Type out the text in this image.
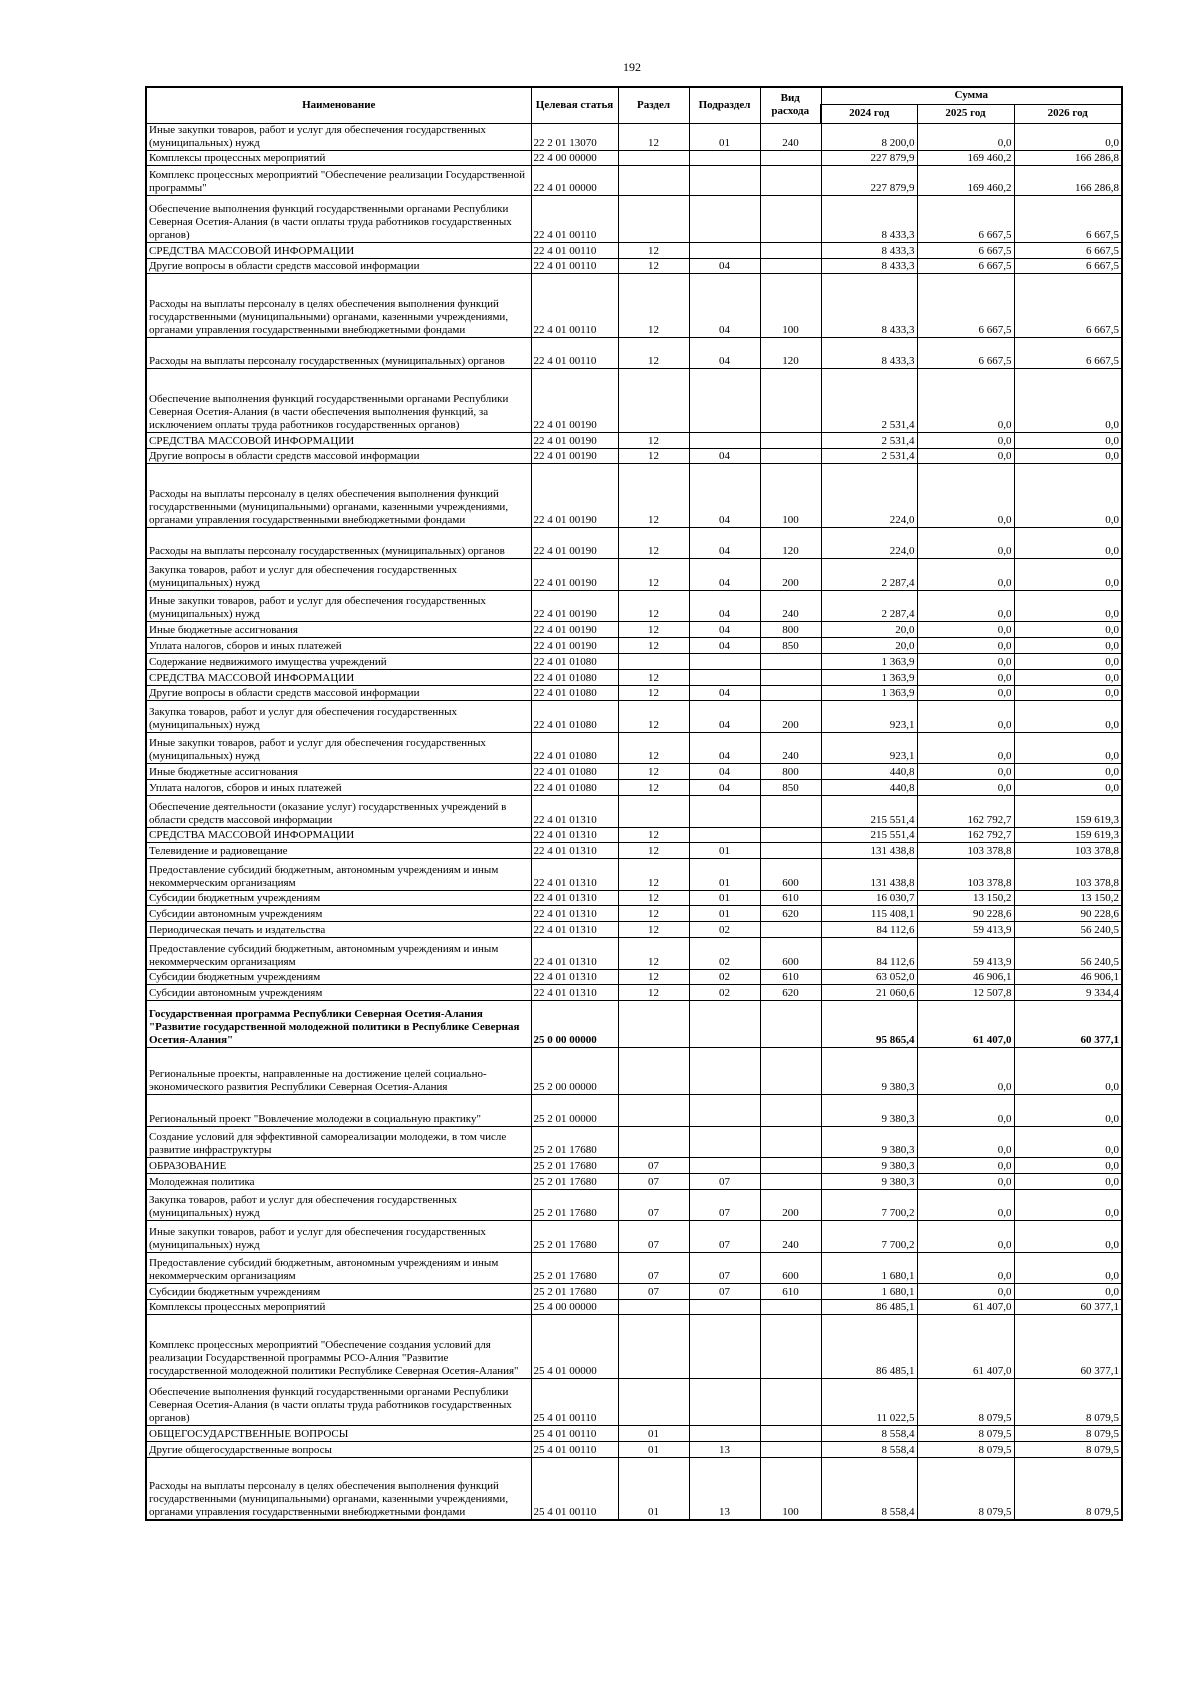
192
Наименование	Целевая статья	Раздел	Подраздел	Вид расхода	Сумма		
					2024 год	2025 год	2026 год
Иные закупки товаров, работ и услуг для обеспечения государственных (муниципальных) нужд	22 2 01 13070	12	01	240	8 200,0	0,0	0,0
Комплексы процессных мероприятий	22 4 00 00000				227 879,9	169 460,2	166 286,8
Комплекс процессных мероприятий "Обеспечение реализации Государственной программы"	22 4 01 00000				227 879,9	169 460,2	166 286,8
Обеспечение выполнения функций государственными органами Республики Северная Осетия-Алания (в части оплаты труда работников государственных органов)	22 4 01 00110				8 433,3	6 667,5	6 667,5
СРЕДСТВА МАССОВОЙ ИНФОРМАЦИИ	22 4 01 00110	12			8 433,3	6 667,5	6 667,5
Другие вопросы в области средств массовой информации	22 4 01 00110	12	04		8 433,3	6 667,5	6 667,5
Расходы на выплаты персоналу в целях обеспечения выполнения функций государственными (муниципальными) органами, казенными учреждениями, органами управления государственными внебюджетными фондами	22 4 01 00110	12	04	100	8 433,3	6 667,5	6 667,5
Расходы на выплаты персоналу государственных (муниципальных) органов	22 4 01 00110	12	04	120	8 433,3	6 667,5	6 667,5
Обеспечение выполнения функций государственными органами Республики Северная Осетия-Алания (в части обеспечения выполнения функций, за исключением оплаты труда работников государственных органов)	22 4 01 00190				2 531,4	0,0	0,0
СРЕДСТВА МАССОВОЙ ИНФОРМАЦИИ	22 4 01 00190	12			2 531,4	0,0	0,0
Другие вопросы в области средств массовой информации	22 4 01 00190	12	04		2 531,4	0,0	0,0
Расходы на выплаты персоналу в целях обеспечения выполнения функций государственными (муниципальными) органами, казенными учреждениями, органами управления государственными внебюджетными фондами	22 4 01 00190	12	04	100	224,0	0,0	0,0
Расходы на выплаты персоналу государственных (муниципальных) органов	22 4 01 00190	12	04	120	224,0	0,0	0,0
Закупка товаров, работ и услуг для обеспечения государственных (муниципальных) нужд	22 4 01 00190	12	04	200	2 287,4	0,0	0,0
Иные закупки товаров, работ и услуг для обеспечения государственных (муниципальных) нужд	22 4 01 00190	12	04	240	2 287,4	0,0	0,0
Иные бюджетные ассигнования	22 4 01 00190	12	04	800	20,0	0,0	0,0
Уплата налогов, сборов и иных платежей	22 4 01 00190	12	04	850	20,0	0,0	0,0
Содержание недвижимого имущества учреждений	22 4 01 01080				1 363,9	0,0	0,0
СРЕДСТВА МАССОВОЙ ИНФОРМАЦИИ	22 4 01 01080	12			1 363,9	0,0	0,0
Другие вопросы в области средств массовой информации	22 4 01 01080	12	04		1 363,9	0,0	0,0
Закупка товаров, работ и услуг для обеспечения государственных (муниципальных) нужд	22 4 01 01080	12	04	200	923,1	0,0	0,0
Иные закупки товаров, работ и услуг для обеспечения государственных (муниципальных) нужд	22 4 01 01080	12	04	240	923,1	0,0	0,0
Иные бюджетные ассигнования	22 4 01 01080	12	04	800	440,8	0,0	0,0
Уплата налогов, сборов и иных платежей	22 4 01 01080	12	04	850	440,8	0,0	0,0
Обеспечение деятельности (оказание услуг) государственных учреждений в области средств массовой информации	22 4 01 01310				215 551,4	162 792,7	159 619,3
СРЕДСТВА МАССОВОЙ ИНФОРМАЦИИ	22 4 01 01310	12			215 551,4	162 792,7	159 619,3
Телевидение и радиовещание	22 4 01 01310	12	01		131 438,8	103 378,8	103 378,8
Предоставление субсидий бюджетным, автономным учреждениям и иным некоммерческим организациям	22 4 01 01310	12	01	600	131 438,8	103 378,8	103 378,8
Субсидии бюджетным учреждениям	22 4 01 01310	12	01	610	16 030,7	13 150,2	13 150,2
Субсидии автономным учреждениям	22 4 01 01310	12	01	620	115 408,1	90 228,6	90 228,6
Периодическая печать и издательства	22 4 01 01310	12	02		84 112,6	59 413,9	56 240,5
Предоставление субсидий бюджетным, автономным учреждениям и иным некоммерческим организациям	22 4 01 01310	12	02	600	84 112,6	59 413,9	56 240,5
Субсидии бюджетным учреждениям	22 4 01 01310	12	02	610	63 052,0	46 906,1	46 906,1
Субсидии автономным учреждениям	22 4 01 01310	12	02	620	21 060,6	12 507,8	9 334,4
Государственная программа Республики Северная Осетия-Алания "Развитие государственной молодежной политики в Республике Северная Осетия-Алания"	25 0 00 00000				95 865,4	61 407,0	60 377,1
Региональные проекты, направленные на достижение целей социально-экономического развития Республики Северная Осетия-Алания	25 2 00 00000				9 380,3	0,0	0,0
Региональный проект "Вовлечение молодежи в социальную практику"	25 2 01 00000				9 380,3	0,0	0,0
Создание условий для эффективной самореализации молодежи, в том числе развитие инфраструктуры	25 2 01 17680				9 380,3	0,0	0,0
ОБРАЗОВАНИЕ	25 2 01 17680	07			9 380,3	0,0	0,0
Молодежная политика	25 2 01 17680	07	07		9 380,3	0,0	0,0
Закупка товаров, работ и услуг для обеспечения государственных (муниципальных) нужд	25 2 01 17680	07	07	200	7 700,2	0,0	0,0
Иные закупки товаров, работ и услуг для обеспечения государственных (муниципальных) нужд	25 2 01 17680	07	07	240	7 700,2	0,0	0,0
Предоставление субсидий бюджетным, автономным учреждениям и иным некоммерческим организациям	25 2 01 17680	07	07	600	1 680,1	0,0	0,0
Субсидии бюджетным учреждениям	25 2 01 17680	07	07	610	1 680,1	0,0	0,0
Комплексы процессных мероприятий	25 4 00 00000				86 485,1	61 407,0	60 377,1
Комплекс процессных мероприятий "Обеспечение создания условий для реализации Государственной программы РСО-Алния "Развитие государственной молодежной политики Республике Северная Осетия-Алания"	25 4 01 00000				86 485,1	61 407,0	60 377,1
Обеспечение выполнения функций государственными органами Республики Северная Осетия-Алания (в части оплаты труда работников государственных органов)	25 4 01 00110				11 022,5	8 079,5	8 079,5
ОБЩЕГОСУДАРСТВЕННЫЕ ВОПРОСЫ	25 4 01 00110	01			8 558,4	8 079,5	8 079,5
Другие общегосударственные вопросы	25 4 01 00110	01	13		8 558,4	8 079,5	8 079,5
Расходы на выплаты персоналу в целях обеспечения выполнения функций государственными (муниципальными) органами, казенными учреждениями, органами управления государственными внебюджетными фондами	25 4 01 00110	01	13	100	8 558,4	8 079,5	8 079,5
